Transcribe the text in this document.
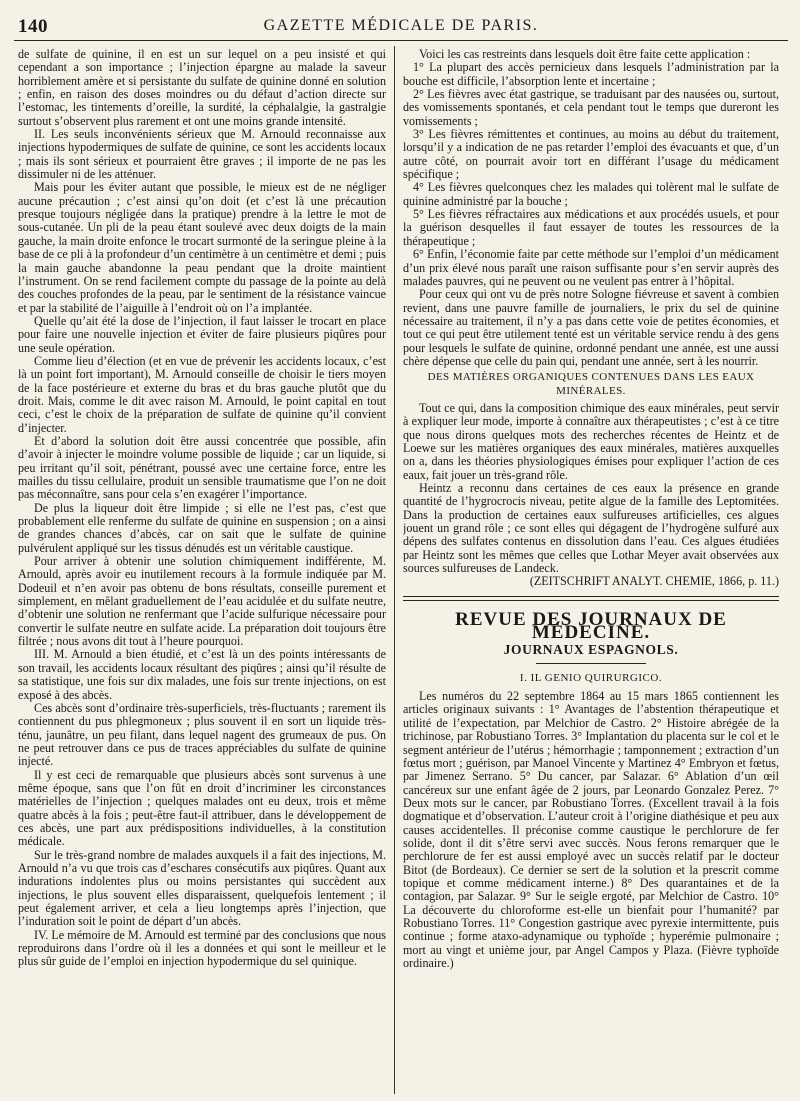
140	GAZETTE MÉDICALE DE PARIS.

de sulfate de quinine, il en est un sur lequel on a peu insisté et qui cependant a son importance ; l’injection épargne au malade la saveur horriblement amère et si persistante du sulfate de quinine donné en solution ; enfin, en raison des doses moindres ou du défaut d’action directe sur l’estomac, les tintements d’oreille, la surdité, la céphalalgie, la gastralgie surtout s’observent plus rarement et ont une moins grande intensité.

II. Les seuls inconvénients sérieux que M. Arnould reconnaisse aux injections hypodermiques de sulfate de quinine, ce sont les accidents locaux ; mais ils sont sérieux et pourraient être graves ; il importe de ne pas les dissimuler ni de les atténuer.

Mais pour les éviter autant que possible, le mieux est de ne négliger aucune précaution ; c’est ainsi qu’on doit (et c’est là une précaution presque toujours négligée dans la pratique) prendre à la lettre le mot de sous-cutanée. Un pli de la peau étant soulevé avec deux doigts de la main gauche, la main droite enfonce le trocart surmonté de la seringue pleine à la base de ce pli à la profondeur d’un centimètre à un centimètre et demi ; puis la main gauche abandonne la peau pendant que la droite maintient l’instrument. On se rend facilement compte du passage de la pointe au delà des couches profondes de la peau, par le sentiment de la résistance vaincue et par la stabilité de l’aiguille à l’endroit où on l’a implantée.

Quelle qu’ait été la dose de l’injection, il faut laisser le trocart en place pour faire une nouvelle injection et éviter de faire plusieurs piqûres pour une seule opération.

Comme lieu d’élection (et en vue de prévenir les accidents locaux, c’est là un point fort important), M. Arnould conseille de choisir le tiers moyen de la face postérieure et externe du bras et du bras gauche plutôt que du droit. Mais, comme le dit avec raison M. Arnould, le point capital en tout ceci, c’est le choix de la préparation de sulfate de quinine qu’il convient d’injecter.

Et d’abord la solution doit être aussi concentrée que possible, afin d’avoir à injecter le moindre volume possible de liquide ; car un liquide, si peu irritant qu’il soit, pénétrant, poussé avec une certaine force, entre les mailles du tissu cellulaire, produit un sensible traumatisme que l’on ne doit pas méconnaître, sans pour cela s’en exagérer l’importance.

De plus la liqueur doit être limpide ; si elle ne l’est pas, c’est que probablement elle renferme du sulfate de quinine en suspension ; on a ainsi de grandes chances d’abcès, car on sait que le sulfate de quinine pulvérulent appliqué sur les tissus dénudés est un véritable caustique.

Pour arriver à obtenir une solution chimiquement indifférente, M. Arnould, après avoir eu inutilement recours à la formule indiquée par M. Dodeuil et n’en avoir pas obtenu de bons résultats, conseille purement et simplement, en mêlant graduellement de l’eau acidulée et du sulfate neutre, d’obtenir une solution ne renfermant que l’acide sulfurique nécessaire pour convertir le sulfate neutre en sulfate acide. La préparation doit toujours être filtrée ; nous avons dit tout à l’heure pourquoi.

III. M. Arnould a bien étudié, et c’est là un des points intéressants de son travail, les accidents locaux résultant des piqûres ; ainsi qu’il résulte de sa statistique, une fois sur dix malades, une fois sur trente injections, on est exposé à des abcès.

Ces abcès sont d’ordinaire très-superficiels, très-fluctuants ; rarement ils contiennent du pus phlegmoneux ; plus souvent il en sort un liquide très-ténu, jaunâtre, un peu filant, dans lequel nagent des grumeaux de pus. On ne peut retrouver dans ce pus de traces appréciables du sulfate de quinine injecté.

Il y est ceci de remarquable que plusieurs abcès sont survenus à une même époque, sans que l’on fût en droit d’incriminer les circonstances matérielles de l’injection ; quelques malades ont eu deux, trois et même quatre abcès à la fois ; peut-être faut-il attribuer, dans le développement de ces abcès, une part aux prédispositions individuelles, à la constitution médicale.

Sur le très-grand nombre de malades auxquels il a fait des injections, M. Arnould n’a vu que trois cas d’eschares consécutifs aux piqûres. Quant aux indurations indolentes plus ou moins persistantes qui succèdent aux injections, le plus souvent elles disparaissent, quelquefois lentement ; il peut également arriver, et cela a lieu longtemps après l’injection, que l’induration soit le point de départ d’un abcès.

IV. Le mémoire de M. Arnould est terminé par des conclusions que nous reproduirons dans l’ordre où il les a données et qui sont le meilleur et le plus sûr guide de l’emploi en injection hypodermique du sel quinique.

Voici les cas restreints dans lesquels doit être faite cette application :

1° La plupart des accès pernicieux dans lesquels l’administration par la bouche est difficile, l’absorption lente et incertaine ;

2° Les fièvres avec état gastrique, se traduisant par des nausées ou, surtout, des vomissements spontanés, et cela pendant tout le temps que dureront les vomissements ;

3° Les fièvres rémittentes et continues, au moins au début du traitement, lorsqu’il y a indication de ne pas retarder l’emploi des évacuants et que, d’un autre côté, on pourrait avoir tort en différant l’usage du médicament spécifique ;

4° Les fièvres quelconques chez les malades qui tolèrent mal le sulfate de quinine administré par la bouche ;

5° Les fièvres réfractaires aux médications et aux procédés usuels, et pour la guérison desquelles il faut essayer de toutes les ressources de la thérapeutique ;

6° Enfin, l’économie faite par cette méthode sur l’emploi d’un médicament d’un prix élevé nous paraît une raison suffisante pour s’en servir auprès des malades pauvres, qui ne peuvent ou ne veulent pas entrer à l’hôpital.

Pour ceux qui ont vu de près notre Sologne fiévreuse et savent à combien revient, dans une pauvre famille de journaliers, le prix du sel de quinine nécessaire au traitement, il n’y a pas dans cette voie de petites économies, et tout ce qui peut être utilement tenté est un véritable service rendu à des gens pour lesquels le sulfate de quinine, ordonné pendant une année, est une aussi chère dépense que celle du pain qui, pendant une année, sert à les nourrir.

DES MATIÈRES ORGANIQUES CONTENUES DANS LES EAUX MINÉRALES.

Tout ce qui, dans la composition chimique des eaux minérales, peut servir à expliquer leur mode, importe à connaître aux thérapeutistes ; c’est à ce titre que nous dirons quelques mots des recherches récentes de Heintz et de Loewe sur les matières organiques des eaux minérales, matières auxquelles on a, dans les théories physiologiques émises pour expliquer l’action de ces eaux, fait jouer un très-grand rôle.

Heintz a reconnu dans certaines de ces eaux la présence en grande quantité de l’hygrocrocis niveau, petite algue de la famille des Leptomitées. Dans la production de certaines eaux sulfureuses artificielles, ces algues jouent un grand rôle ; ce sont elles qui dégagent de l’hydrogène sulfuré aux dépens des sulfates contenus en dissolution dans l’eau. Ces algues étudiées par Heintz sont les mêmes que celles que Lothar Meyer avait observées aux sources sulfureuses de Landeck.

(ZEITSCHRIFT ANALYT. CHEMIE, 1866, p. 11.)
REVUE DES JOURNAUX DE MÉDECINE.
JOURNAUX ESPAGNOLS.
I. IL GENIO QUIRURGICO.

Les numéros du 22 septembre 1864 au 15 mars 1865 contiennent les articles originaux suivants : 1° Avantages de l’abstention thérapeutique et utilité de l’expectation, par Melchior de Castro. 2° Histoire abrégée de la trichinose, par Robustiano Torres. 3° Implantation du placenta sur le col et le segment antérieur de l’utérus ; hémorrhagie ; tamponnement ; extraction d’un fœtus mort ; guérison, par Manoel Vincente y Martinez 4° Embryon et fœtus, par Jimenez Serrano. 5° Du cancer, par Salazar. 6° Ablation d’un œil cancéreux sur une enfant âgée de 2 jours, par Leonardo Gonzalez Perez. 7° Deux mots sur le cancer, par Robustiano Torres. (Excellent travail à la fois dogmatique et d’observation. L’auteur croit à l’origine diathésique et peu aux causes accidentelles. Il préconise comme caustique le perchlorure de fer solide, dont il dit s’être servi avec succès. Nous ferons remarquer que le perchlorure de fer est aussi employé avec un succès relatif par le docteur Bitot (de Bordeaux). Ce dernier se sert de la solution et la prescrit comme topique et comme médicament interne.) 8° Des quarantaines et de la contagion, par Salazar. 9° Sur le seigle ergoté, par Melchior de Castro. 10° La découverte du chloroforme est-elle un bienfait pour l’humanité? par Robustiano Torres. 11° Congestion gastrique avec pyrexie intermittente, puis continue ; forme ataxo-adynamique ou typhoïde ; hyperémie pulmonaire ; mort au vingt et unième jour, par Angel Campos y Plaza. (Fièvre typhoïde ordinaire.)
